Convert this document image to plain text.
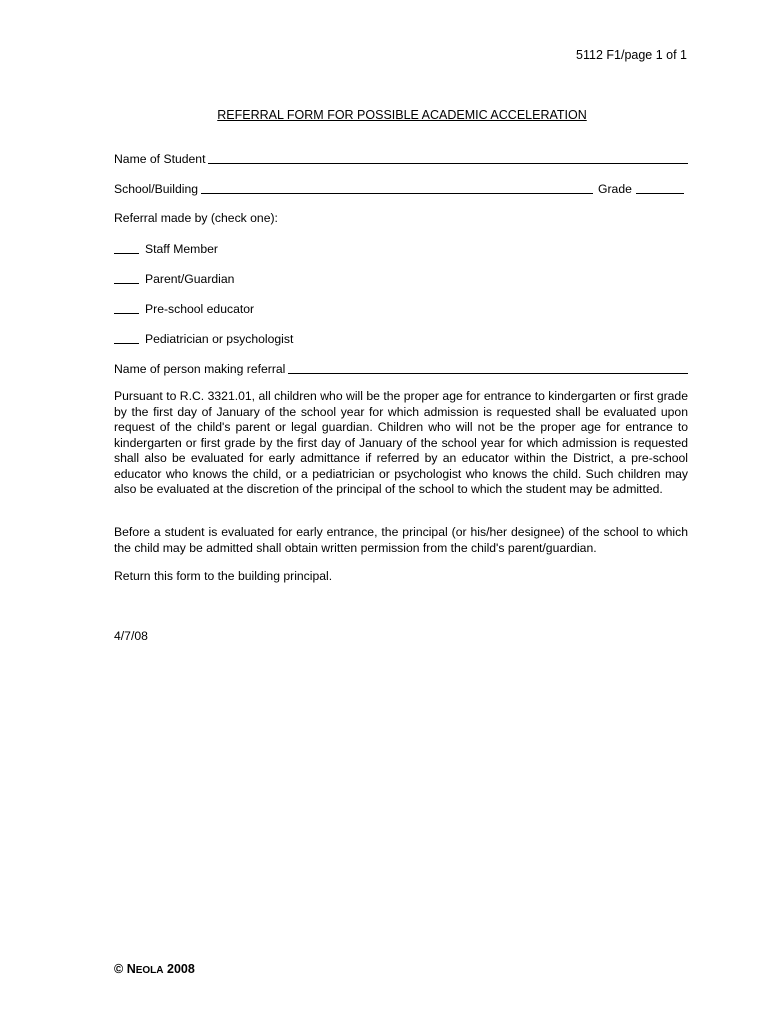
5112 F1/page 1 of 1
REFERRAL FORM FOR POSSIBLE ACADEMIC ACCELERATION
Name of Student
School/Building	Grade
Referral made by (check one):
Staff Member
Parent/Guardian
Pre-school educator
Pediatrician or psychologist
Name of person making referral

Pursuant to R.C. 3321.01, all children who will be the proper age for entrance to kindergarten or first grade by the first day of January of the school year for which admission is requested shall be evaluated upon request of the child's parent or legal guardian. Children who will not be the proper age for entrance to kindergarten or first grade by the first day of January of the school year for which admission is requested shall also be evaluated for early admittance if referred by an educator within the District, a pre-school educator who knows the child, or a pediatrician or psychologist who knows the child. Such children may also be evaluated at the discretion of the principal of the school to which the student may be admitted.

Before a student is evaluated for early entrance, the principal (or his/her designee) of the school to which the child may be admitted shall obtain written permission from the child's parent/guardian.

Return this form to the building principal.
4/7/08
© NEOLA 2008
